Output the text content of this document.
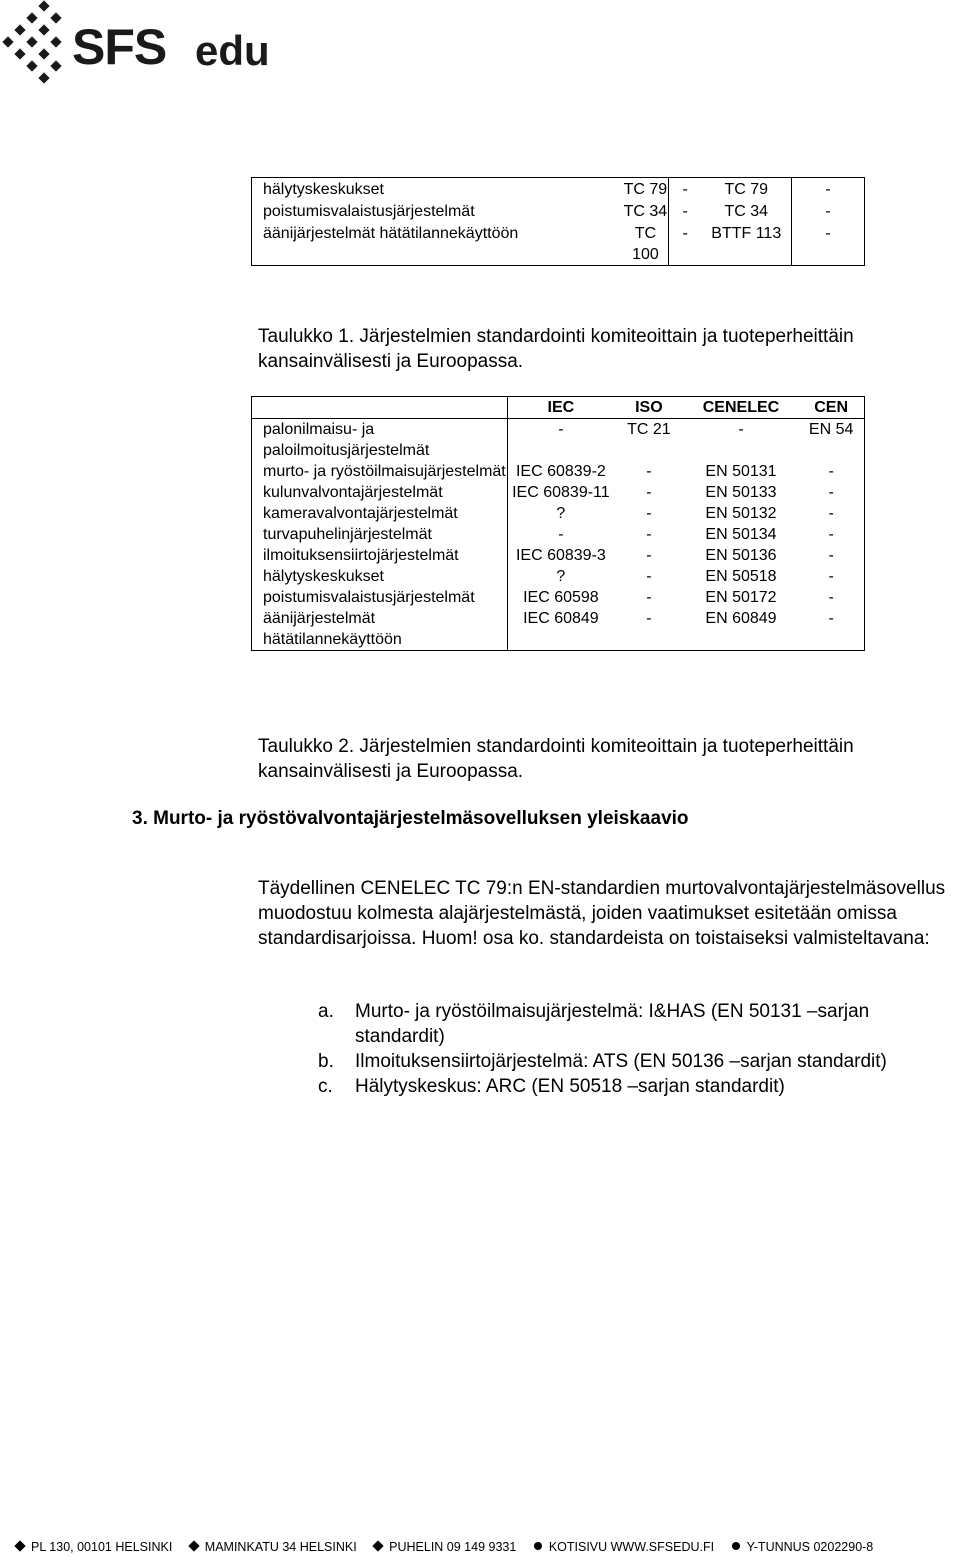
SFS edu
hälytyskeskukset	TC 79	-	TC 79	-
poistumisvalaistusjärjestelmät	TC 34	-	TC 34	-
äänijärjestelmät hätätilannekäyttöön	TC 100	-	BTTF 113	-
Taulukko 1. Järjestelmien standardointi komiteoittain ja tuoteperheittäin kansainvälisesti ja Euroopassa.
	IEC	ISO	CENELEC	CEN
palonilmaisu- ja paloilmoitusjärjestelmät	-	TC 21	-	EN 54
murto- ja ryöstöilmaisujärjestelmät	IEC 60839-2	-	EN 50131	-
kulunvalvontajärjestelmät	IEC 60839-11	-	EN 50133	-
kameravalvontajärjestelmät	?	-	EN 50132	-
turvapuhelinjärjestelmät	-	-	EN 50134	-
ilmoituksensiirtojärjestelmät	IEC 60839-3	-	EN 50136	-
hälytyskeskukset	?	-	EN 50518	-
poistumisvalaistusjärjestelmät	IEC 60598	-	EN 50172	-
äänijärjestelmät hätätilannekäyttöön	IEC 60849	-	EN 60849	-
Taulukko 2. Järjestelmien standardointi komiteoittain ja tuoteperheittäin kansainvälisesti ja Euroopassa.
3. Murto- ja ryöstövalvontajärjestelmäsovelluksen yleiskaavio
Täydellinen CENELEC TC 79:n EN-standardien murtovalvontajärjestelmäsovellus muodostuu kolmesta alajärjestelmästä, joiden vaatimukset esitetään omissa standardisarjoissa. Huom! osa ko. standardeista on toistaiseksi valmisteltavana:
a. Murto- ja ryöstöilmaisujärjestelmä: I&HAS (EN 50131 –sarjan standardit)
b. Ilmoituksensiirtojärjestelmä: ATS (EN 50136 –sarjan standardit)
c. Hälytyskeskus: ARC (EN 50518 –sarjan standardit)
PL 130, 00101 HELSINKI	MAMINKATU 34 HELSINKI	PUHELIN 09 149 9331	KOTISIVU WWW.SFSEDU.FI	Y-TUNNUS 0202290-8
